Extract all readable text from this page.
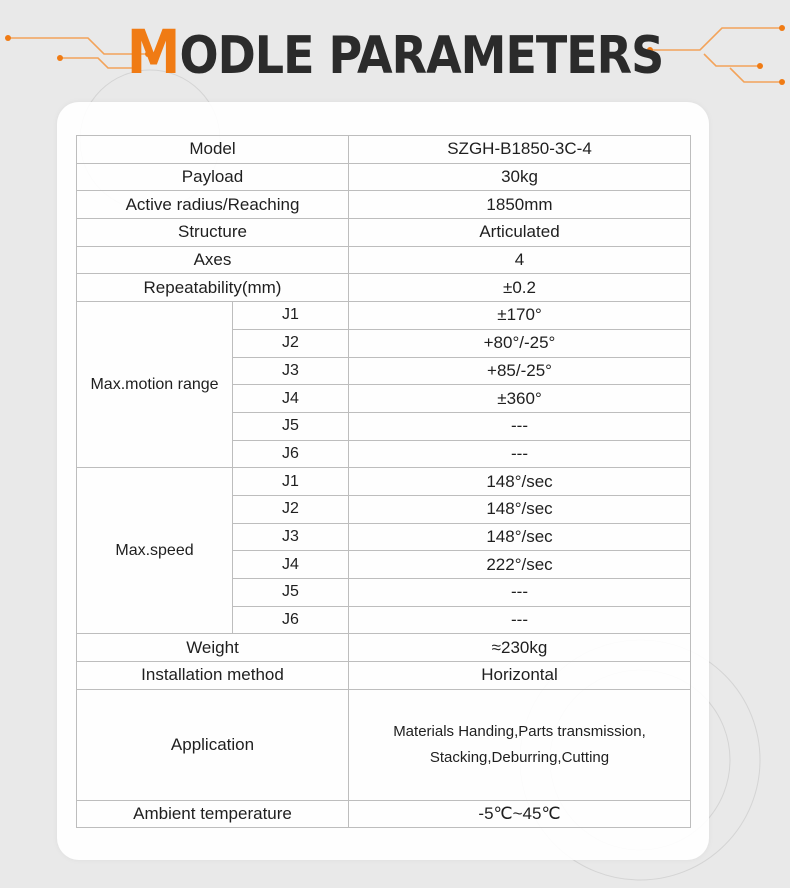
MODLE PARAMETERS
Model		SZGH-B1850-3C-4
Payload		30kg
Active radius/Reaching		1850mm
Structure		Articulated
Axes		4
Repeatability(mm)		±0.2
Max.motion range	J1	±170°
	J2	+80°/-25°
	J3	+85/-25°
	J4	±360°
	J5	---
	J6	---
Max.speed	J1	148°/sec
	J2	148°/sec
	J3	148°/sec
	J4	222°/sec
	J5	---
	J6	---
Weight		≈230kg
Installation method		Horizontal
Application		Materials Handing,Parts transmission,
Stacking,Deburring,Cutting
Ambient temperature		-5℃~45℃
